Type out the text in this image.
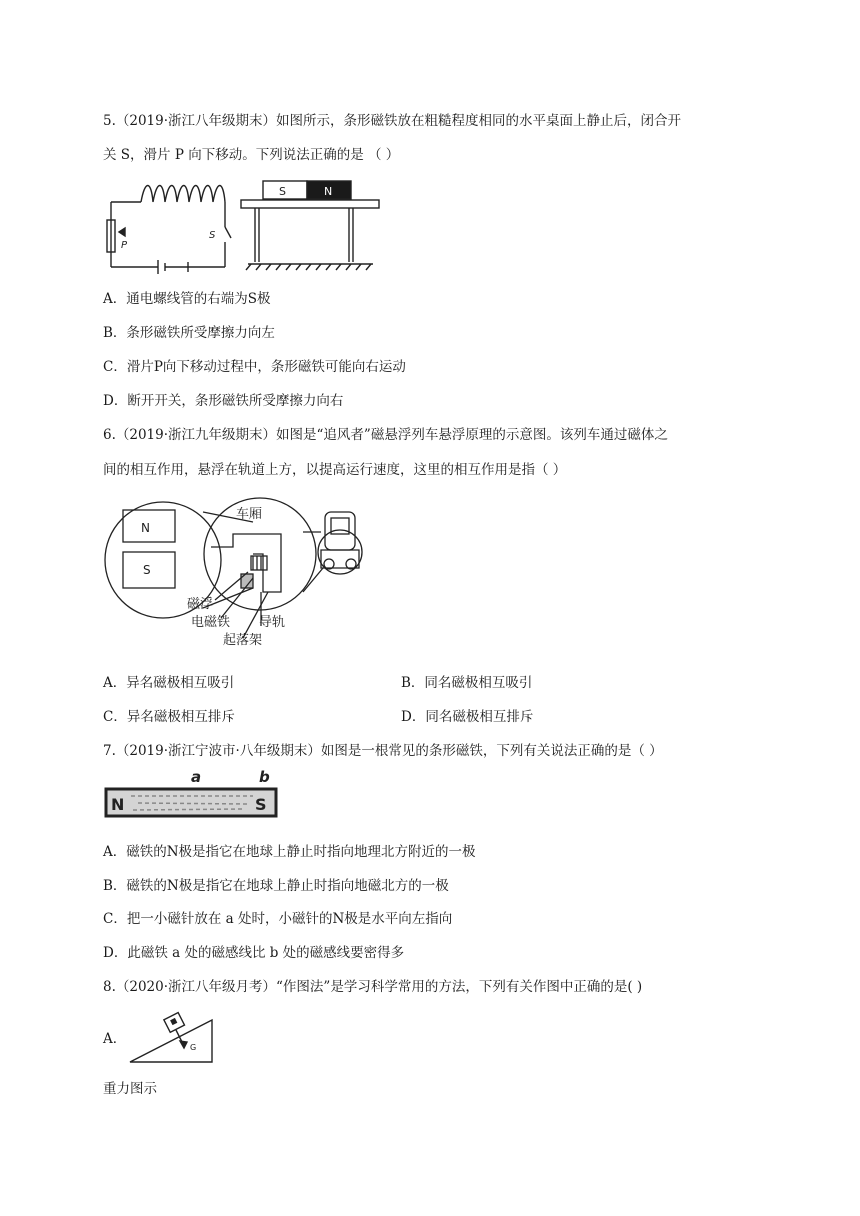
5.（2019·浙江八年级期末）如图所示，条形磁铁放在粗糙程度相同的水平桌面上静止后，闭合开
关 S，滑片 P 向下移动。下列说法正确的是 （ ）
P
S
S	N
A．通电螺线管的右端为S极
B．条形磁铁所受摩擦力向左
C．滑片P向下移动过程中，条形磁铁可能向右运动
D．断开开关，条形磁铁所受摩擦力向右
6.（2019·浙江九年级期末）如图是“追风者”磁悬浮列车悬浮原理的示意图。该列车通过磁体之
间的相互作用，悬浮在轨道上方，以提高运行速度，这里的相互作用是指（ ）
N
S
车厢
磁浮
电磁铁 导轨
起落架
A．异名磁极相互吸引	B．同名磁极相互吸引
C．异名磁极相互排斥	D．同名磁极相互排斥
7.（2019·浙江宁波市·八年级期末）如图是一根常见的条形磁铁，下列有关说法正确的是（ ）
a	b
N	S
A．磁铁的N极是指它在地球上静止时指向地理北方附近的一极
B．磁铁的N极是指它在地球上静止时指向地磁北方的一极
C．把一小磁针放在 a 处时，小磁针的N极是水平向左指向
D．此磁铁 a 处的磁感线比 b 处的磁感线要密得多
8.（2020·浙江八年级月考）“作图法”是学习科学常用的方法，下列有关作图中正确的是( )
A．
G
重力图示
